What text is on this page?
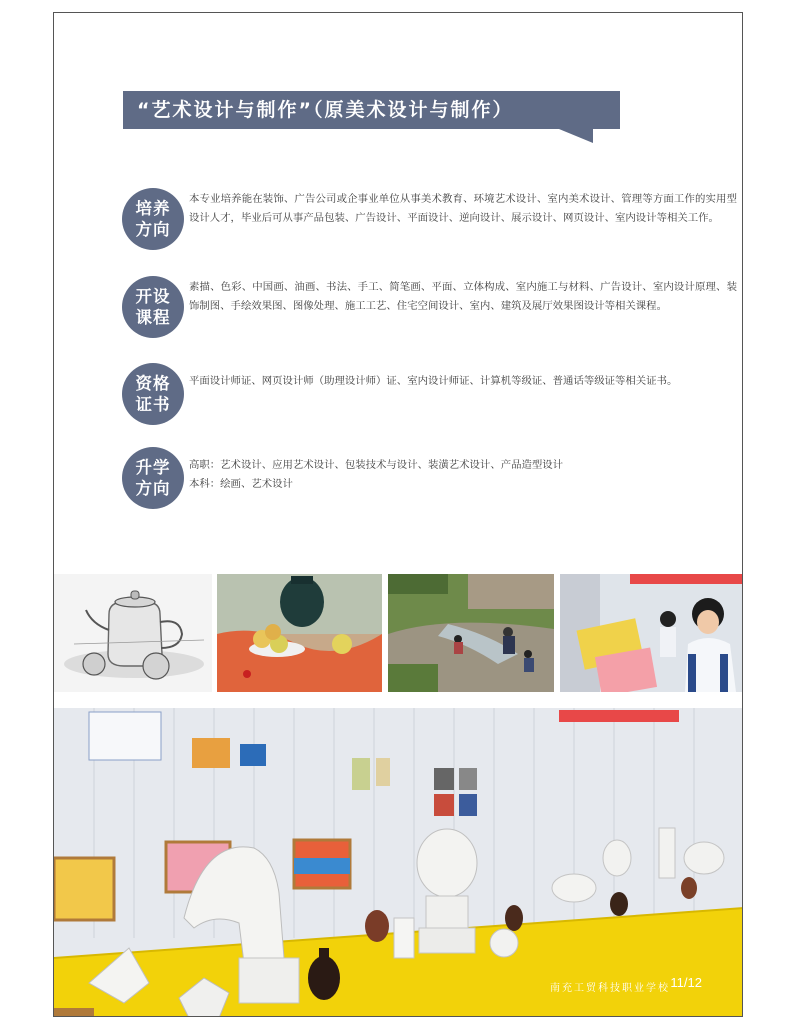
“艺术设计与制作”（原美术设计与制作）
培养
方向
本专业培养能在装饰、广告公司或企事业单位从事美术教育、环境艺术设计、室内美术设计、管理等方面工作的实用型设计人才，毕业后可从事产品包装、广告设计、平面设计、逆向设计、展示设计、网页设计、室内设计等相关工作。
开设
课程
素描、色彩、中国画、油画、书法、手工、简笔画、平面、立体构成、室内施工与材料、广告设计、室内设计原理、装饰制图、手绘效果图、图像处理、施工工艺、住宅空间设计、室内、建筑及展厅效果图设计等相关课程。
资格
证书
平面设计师证、网页设计师（助理设计师）证、室内设计师证、计算机等级证、普通话等级证等相关证书。
升学
方向
高职：艺术设计、应用艺术设计、包装技术与设计、装潢艺术设计、产品造型设计
本科：绘画、艺术设计
南充工贸科技职业学校 11/12
